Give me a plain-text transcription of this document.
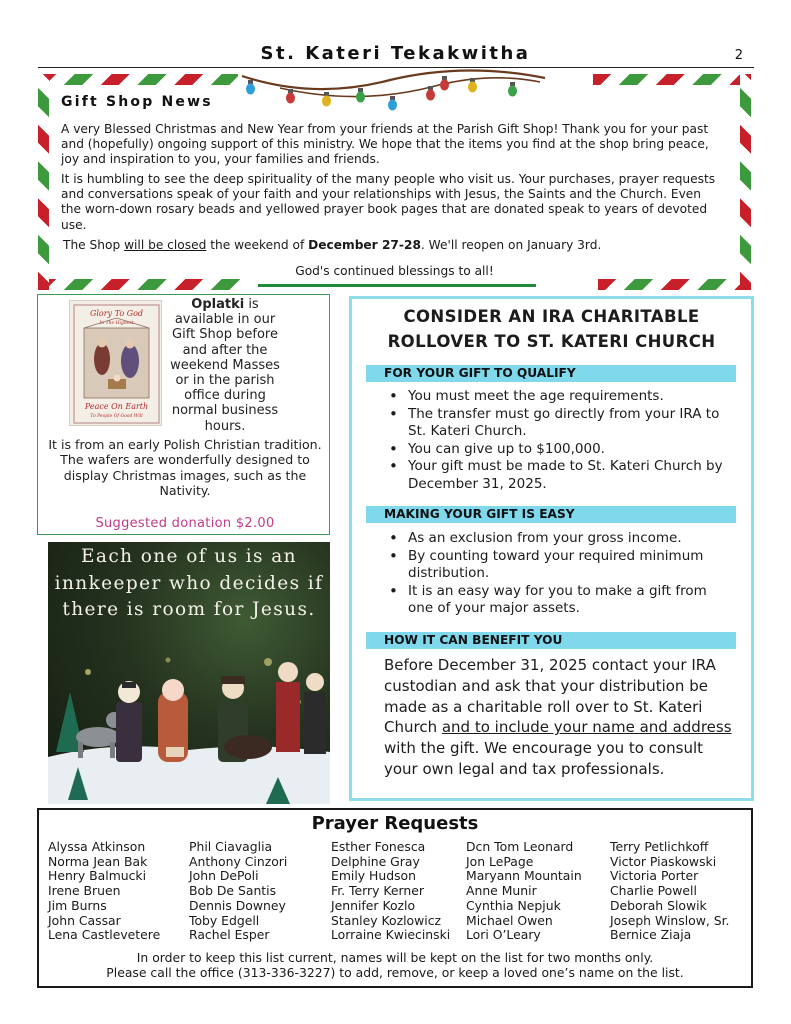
St. Kateri Tekakwitha	2
Gift Shop News

A very Blessed Christmas and New Year from your friends at the Parish Gift Shop! Thank you for your past and (hopefully) ongoing support of this ministry. We hope that the items you find at the shop bring peace, joy and inspiration to you, your families and friends.

It is humbling to see the deep spirituality of the many people who visit us. Your purchases, prayer requests and conversations speak of your faith and your relationships with Jesus, the Saints and the Church. Even the worn-down rosary beads and yellowed prayer book pages that are donated speak to years of devoted use.

The Shop will be closed the weekend of December 27-28. We'll reopen on January 3rd.

God's continued blessings to all!
Glory To God
In The Highest
Peace On Earth
To People Of Good Will
Oplatki is available in our Gift Shop before and after the weekend Masses or in the parish office during normal business hours.
It is from an early Polish Christian tradition. The wafers are wonderfully designed to display Christmas images, such as the Nativity.
Suggested donation $2.00
Each one of us is an innkeeper who decides if there is room for Jesus.
CONSIDER AN IRA CHARITABLE
ROLLOVER TO ST. KATERI CHURCH
FOR YOUR GIFT TO QUALIFY
• You must meet the age requirements.
• The transfer must go directly from your IRA to St. Kateri Church.
• You can give up to $100,000.
• Your gift must be made to St. Kateri Church by December 31, 2025.
MAKING YOUR GIFT IS EASY
• As an exclusion from your gross income.
• By counting toward your required minimum distribution.
• It is an easy way for you to make a gift from one of your major assets.
HOW IT CAN BENEFIT YOU

Before December 31, 2025 contact your IRA custodian and ask that your distribution be made as a charitable roll over to St. Kateri Church and to include your name and address with the gift. We encourage you to consult your own legal and tax professionals.

Prayer Requests
Alyssa Atkinson
Norma Jean Bak
Henry Balmucki
Irene Bruen
Jim Burns
John Cassar
Lena Castlevetere
Phil Ciavaglia
Anthony Cinzori
John DePoli
Bob De Santis
Dennis Downey
Toby Edgell
Rachel Esper
Esther Fonesca
Delphine Gray
Emily Hudson
Fr. Terry Kerner
Jennifer Kozlo
Stanley Kozlowicz
Lorraine Kwiecinski
Dcn Tom Leonard
Jon LePage
Maryann Mountain
Anne Munir
Cynthia Nepjuk
Michael Owen
Lori O’Leary
Terry Petlichkoff
Victor Piaskowski
Victoria Porter
Charlie Powell
Deborah Slowik
Joseph Winslow, Sr.
Bernice Ziaja
In order to keep this list current, names will be kept on the list for two months only.
Please call the office (313-336-3227) to add, remove, or keep a loved one’s name on the list.
